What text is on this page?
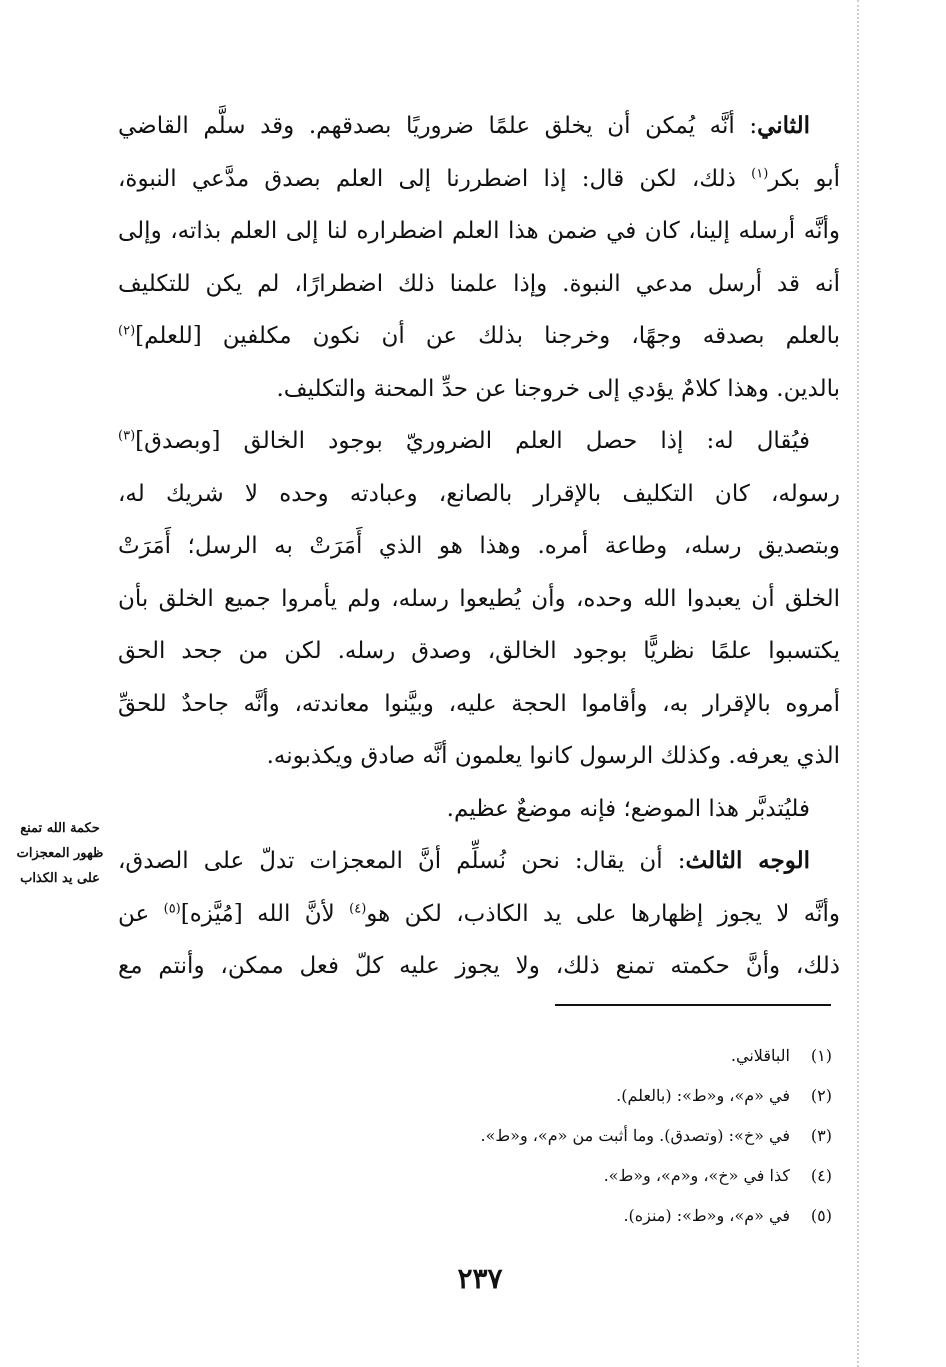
الثاني: أنَّه يُمكن أن يخلق علمًا ضروريًا بصدقهم. وقد سلَّم القاضي
أبو بكر$^{(١)}$ ذلك، لكن قال: إذا اضطررنا إلى العلم بصدق مدَّعي النبوة،
وأنَّه أرسله إلينا، كان في ضمن هذا العلم اضطراره لنا إلى العلم بذاته، وإلى
أنه قد أرسل مدعي النبوة. وإذا علمنا ذلك اضطرارًا، لم يكن للتكليف
بالعلم بصدقه وجهًا، وخرجنا بذلك عن أن نكون مكلفين [للعلم]$^{(٢)}$
بالدين. وهذا كلامٌ يؤدي إلى خروجنا عن حدِّ المحنة والتكليف.
فيُقال له: إذا حصل العلم الضروريّ بوجود الخالق [وبصدق]$^{(٣)}$
رسوله، كان التكليف بالإقرار بالصانع، وعبادته وحده لا شريك له،
وبتصديق رسله، وطاعة أمره. وهذا هو الذي أَمَرَتْ به الرسل؛ أَمَرَتْ
الخلق أن يعبدوا الله وحده، وأن يُطيعوا رسله، ولم يأمروا جميع الخلق بأن
يكتسبوا علمًا نظريًّا بوجود الخالق، وصدق رسله. لكن من جحد الحق
أمروه بالإقرار به، وأقاموا الحجة عليه، وبيَّنوا معاندته، وأنَّه جاحدٌ للحقِّ
الذي يعرفه. وكذلك الرسول كانوا يعلمون أنَّه صادق ويكذبونه.
فليُتدبَّر هذا الموضع؛ فإنه موضعٌ عظيم.
الوجه الثالث: أن يقال: نحن نُسلِّم أنَّ المعجزات تدلّ على الصدق،
وأنَّه لا يجوز إظهارها على يد الكاذب، لكن هو$^{(٤)}$ لأنَّ الله [مُيَّزه]$^{(٥)}$ عن
ذلك، وأنَّ حكمته تمنع ذلك، ولا يجوز عليه كلّ فعل ممكن، وأنتم مع
حكمة الله تمنع
ظهور المعجزات
على يد الكذاب
(١)
الباقلاني.
(٢)
في «م»، و«ط»: (بالعلم).
(٣)
في «خ»: (وتصدق). وما أثبت من «م»، و«ط».
(٤)
كذا في «خ»، و«م»، و«ط».
(٥)
في «م»، و«ط»: (منزه).
٢٣٧
